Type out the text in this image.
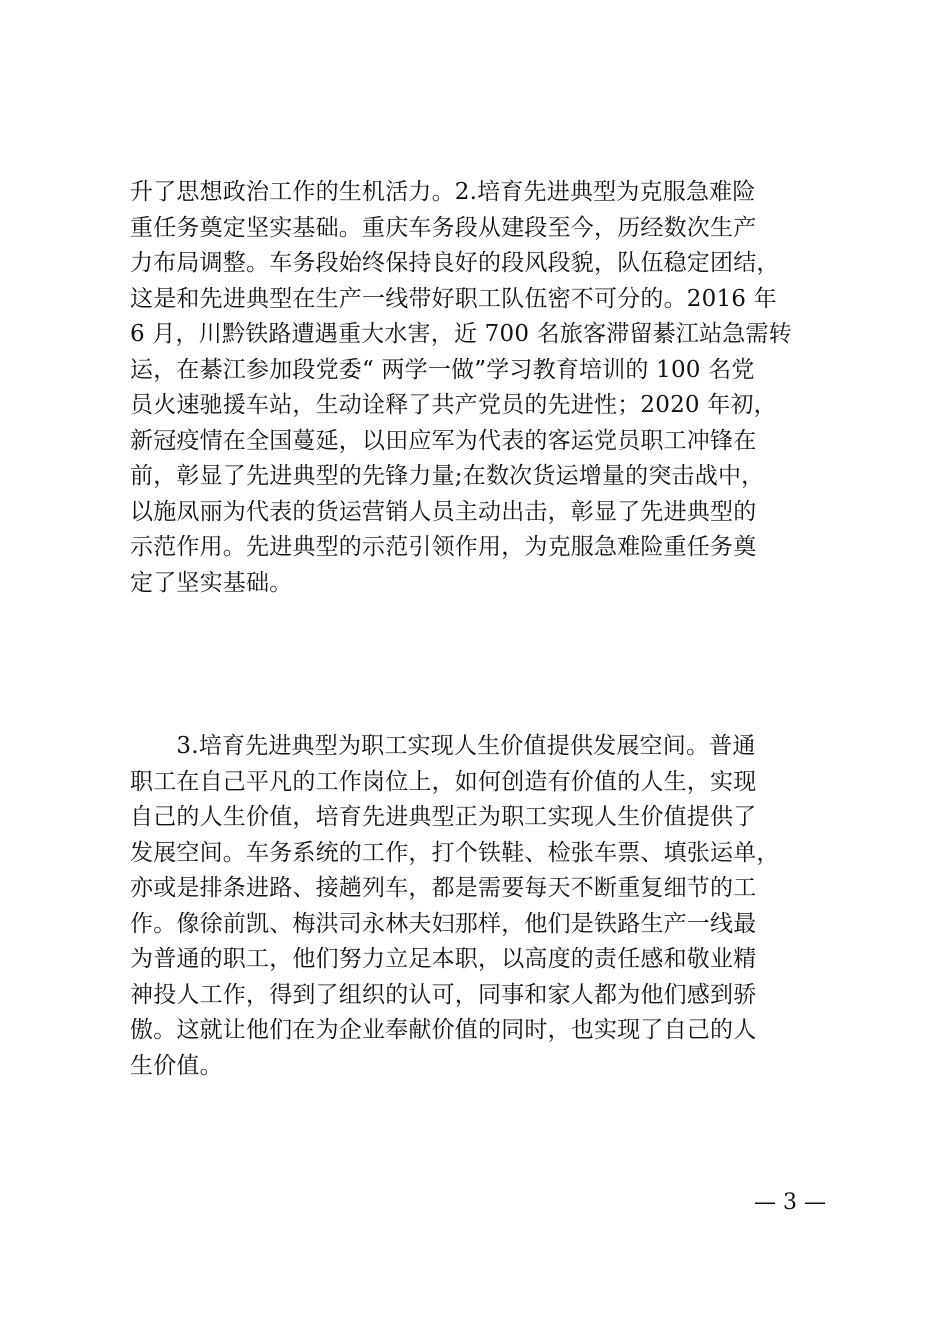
升了思想政治工作的生机活力。2.培育先进典型为克服急难险
重任务奠定坚实基础。重庆车务段从建段至今，历经数次生产
力布局调整。车务段始终保持良好的段风段貌，队伍稳定团结，
这是和先进典型在生产一线带好职工队伍密不可分的。2016 年
6 月，川黔铁路遭遇重大水害，近 700 名旅客滞留綦江站急需转
运，在綦江参加段党委“ 两学一做”学习教育培训的 100 名党
员火速驰援车站，生动诠释了共产党员的先进性；2020 年初，
新冠疫情在全国蔓延，以田应军为代表的客运党员职工冲锋在
前，彰显了先进典型的先锋力量;在数次货运增量的突击战中，
以施凤丽为代表的货运营销人员主动出击，彰显了先进典型的
示范作用。先进典型的示范引领作用，为克服急难险重任务奠
定了坚实基础。
　　3.培育先进典型为职工实现人生价值提供发展空间。普通
职工在自己平凡的工作岗位上，如何创造有价值的人生，实现
自己的人生价值，培育先进典型正为职工实现人生价值提供了
发展空间。车务系统的工作，打个铁鞋、检张车票、填张运单，
亦或是排条进路、接趟列车，都是需要每天不断重复细节的工
作。像徐前凯、梅洪司永林夫妇那样，他们是铁路生产一线最
为普通的职工，他们努力立足本职，以高度的责任感和敬业精
神投人工作，得到了组织的认可，同事和家人都为他们感到骄
傲。这就让他们在为企业奉献价值的同时，也实现了自己的人
生价值。
— 3 —
